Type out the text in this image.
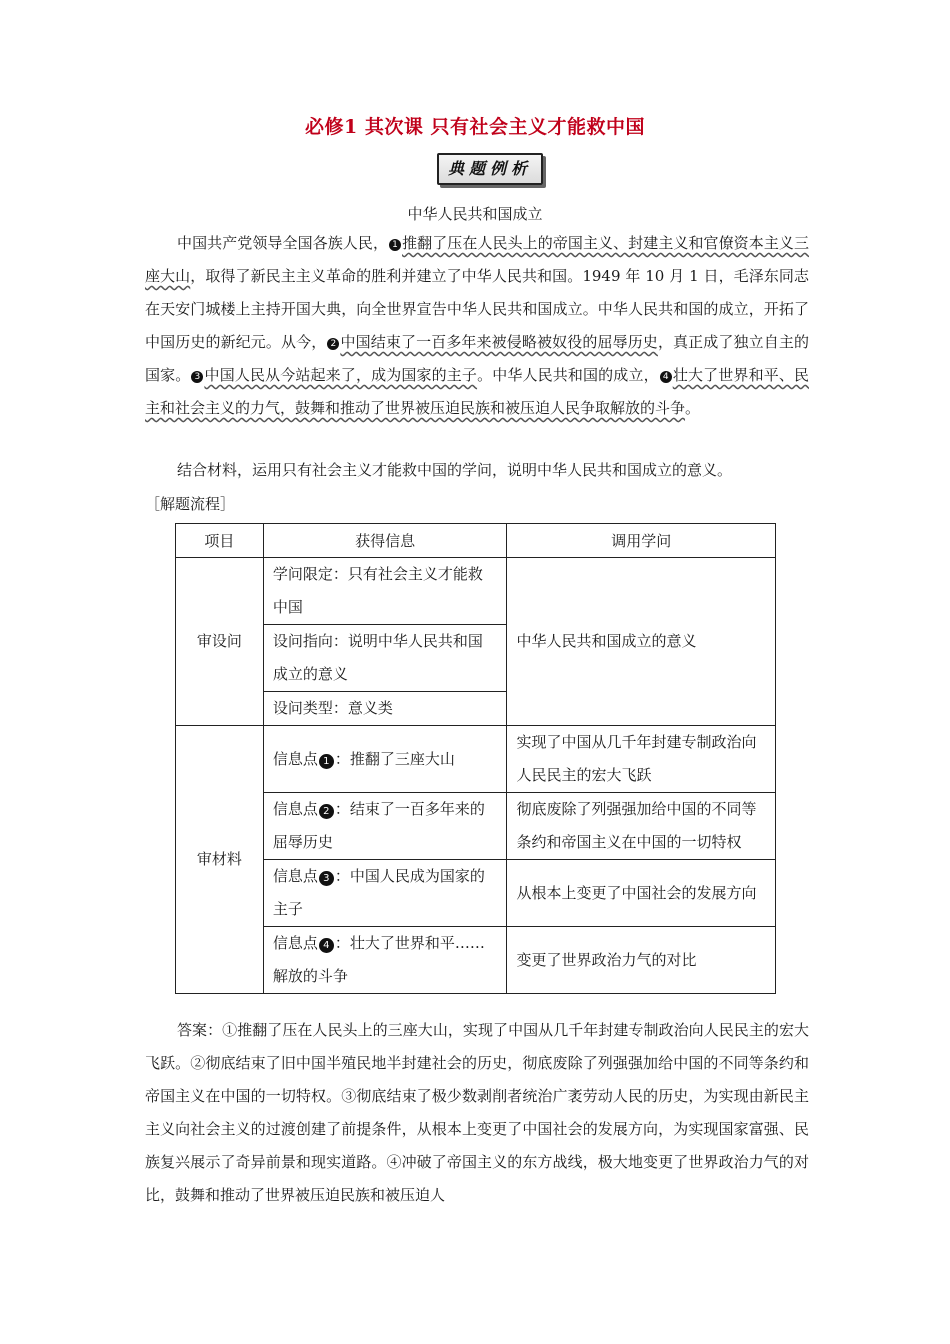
必修1 其次课 只有社会主义才能救中国
典题例析
中华人民共和国成立
中国共产党领导全国各族人民， 1 推翻了压在人民头上的帝国主义、封建主义和官僚资本主义三座大山，取得了新民主主义革命的胜利并建立了中华人民共和国。1949 年 10 月 1 日，毛泽东同志在天安门城楼上主持开国大典，向全世界宣告中华人民共和国成立。中华人民共和国的成立，开拓了中国历史的新纪元。从今， 2 中国结束了一百多年来被侵略被奴役的屈辱历史，真正成了独立自主的国家。 3 中国人民从今站起来了，成为国家的主子。中华人民共和国的成立， 4 壮大了世界和平、民主和社会主义的力气，鼓舞和推动了世界被压迫民族和被压迫人民争取解放的斗争。
结合材料，运用只有社会主义才能救中国的学问，说明中华人民共和国成立的意义。
［解题流程］
项目	获得信息	调用学问
审设问	学问限定：只有社会主义才能救中国	中华人民共和国成立的意义
	设问指向：说明中华人民共和国成立的意义	
	设问类型：意义类	
审材料	信息点 1 ：推翻了三座大山	实现了中国从几千年封建专制政治向人民民主的宏大飞跃
	信息点 2 ：结束了一百多年来的屈辱历史	彻底废除了列强强加给中国的不同等条约和帝国主义在中国的一切特权
	信息点 3 ：中国人民成为国家的主子	从根本上变更了中国社会的发展方向
	信息点 4 ：壮大了世界和平……解放的斗争	变更了世界政治力气的对比
答案：①推翻了压在人民头上的三座大山，实现了中国从几千年封建专制政治向人民民主的宏大飞跃。②彻底结束了旧中国半殖民地半封建社会的历史，彻底废除了列强强加给中国的不同等条约和帝国主义在中国的一切特权。③彻底结束了极少数剥削者统治广袤劳动人民的历史，为实现由新民主主义向社会主义的过渡创建了前提条件，从根本上变更了中国社会的发展方向，为实现国家富强、民族复兴展示了奇异前景和现实道路。④冲破了帝国主义的东方战线，极大地变更了世界政治力气的对比，鼓舞和推动了世界被压迫民族和被压迫人
